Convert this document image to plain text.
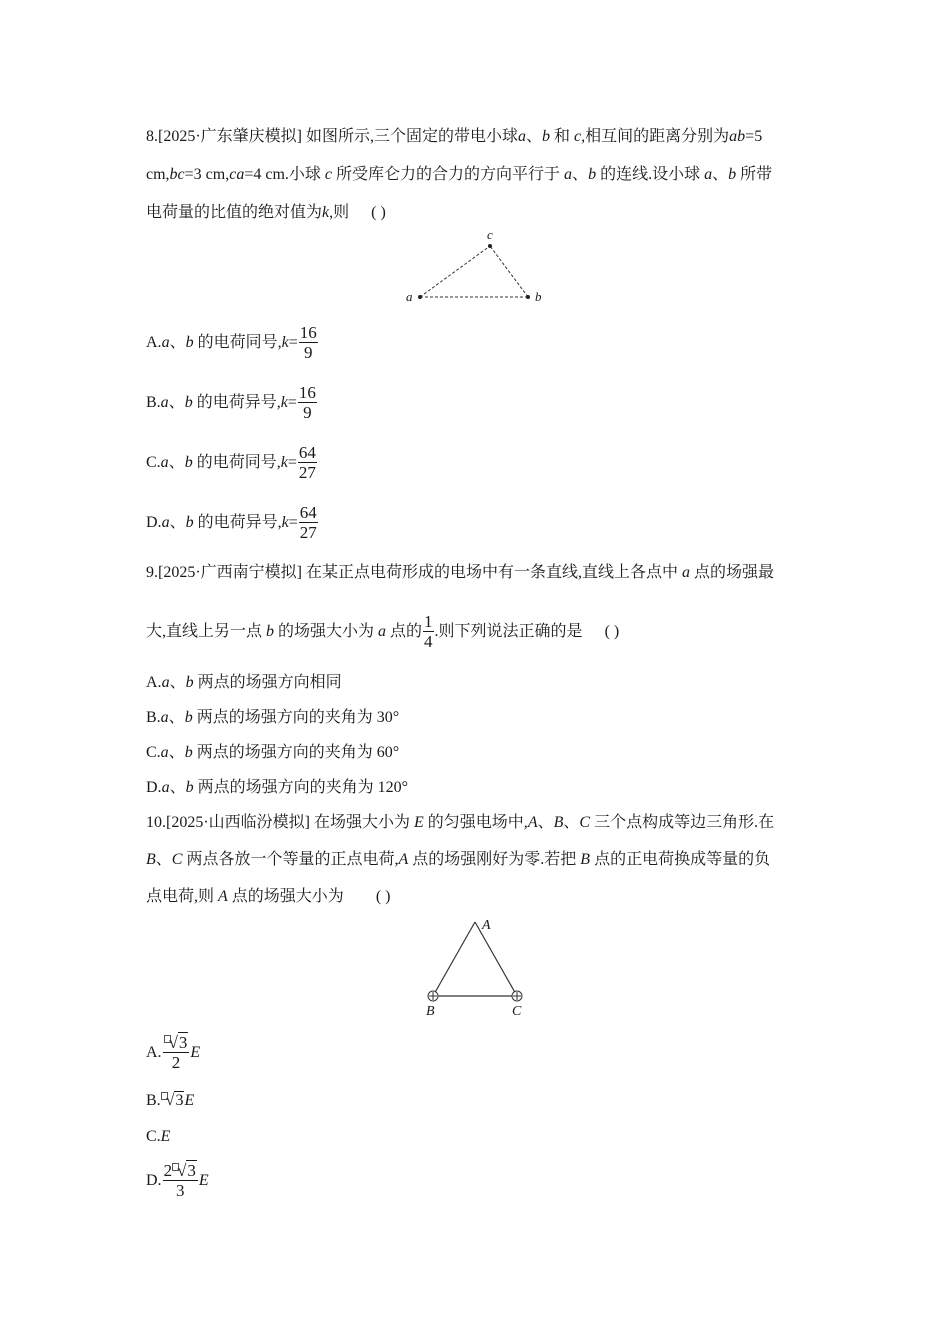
8.[2025·广东肇庆模拟] 如图所示,三个固定的带电小球a、b 和 c,相互间的距离分别为ab=5
cm,bc=3 cm,ca=4 cm.小球 c 所受库仑力的合力的方向平行于 a、b 的连线.设小球 a、b 所带
电荷量的比值的绝对值为k,则 ( )
a	b
c
A.a、b 的电荷同号$,k= \frac{16}{9}$
B.a、b 的电荷异号$,k= \frac{16}{9}$
C.a、b 的电荷同号$,k= \frac{64}{27}$
D.a、b 的电荷异号$,k= \frac{64}{27}$
9.[2025·广西南宁模拟] 在某正点电荷形成的电场中有一条直线,直线上各点中 a 点的场强最
大,直线上另一点 b 的场强大小为 a 点的 $\frac{1}{4}$ .则下列说法正确的是 ( )
A.a、b 两点的场强方向相同
B.a、b 两点的场强方向的夹角为 30°
C.a、b 两点的场强方向的夹角为 60°
D.a、b 两点的场强方向的夹角为 120°
10.[2025·山西临汾模拟] 在场强大小为 E 的匀强电场中,A、B、C 三个点构成等边三角形.在
B、C 两点各放一个等量的正点电荷,A 点的场强刚好为零.若把 B 点的正电荷换成等量的负
点电荷,则 A 点的场强大小为 ( )
A
B	C
A. $\frac{√3}{2}$ E
B. √3E
C.E
D. $\frac{2 √3}{3}$ E
